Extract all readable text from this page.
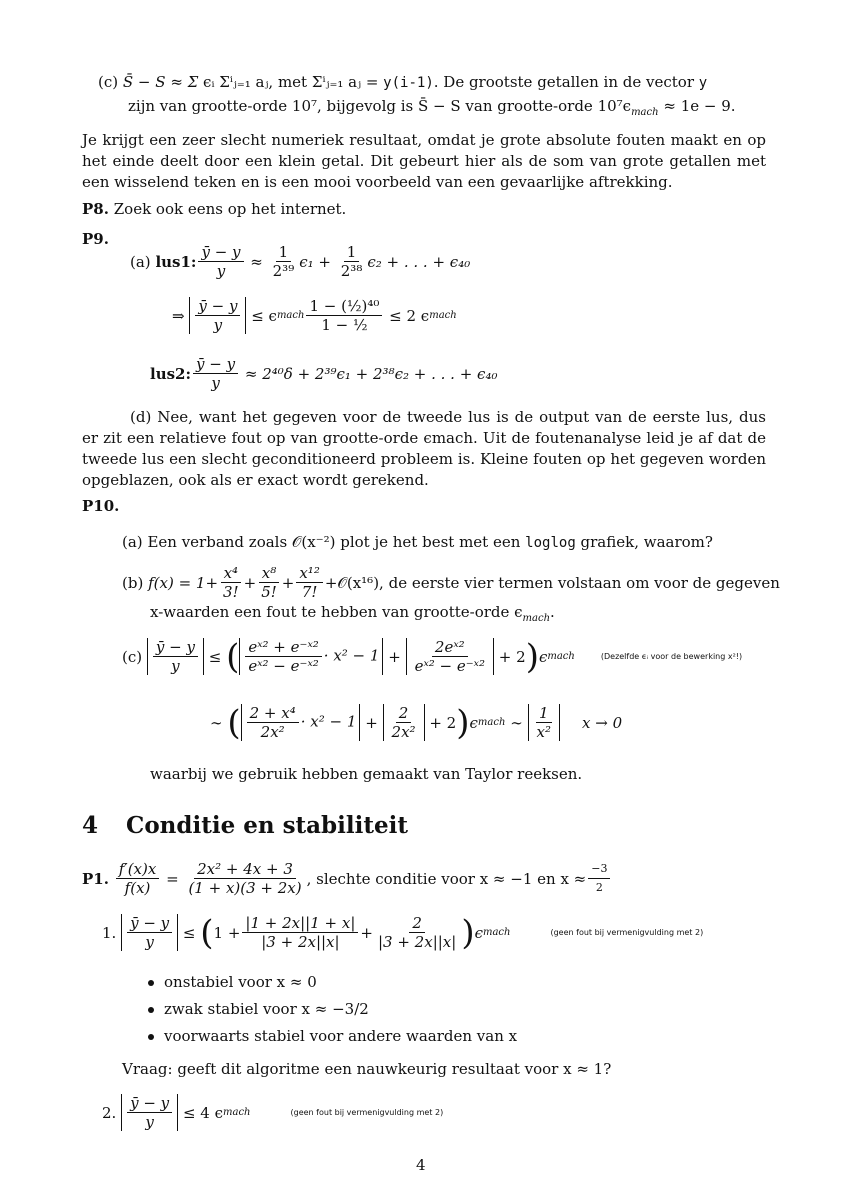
(c) S̄ − S ≈ Σ ϵᵢ Σⁱⱼ₌₁ aⱼ, met Σⁱⱼ₌₁ aⱼ = y(i-1). De grootste getallen in de vector y
zijn van grootte-orde 10⁷, bijgevolg is S̄ − S van grootte-orde $10^7\epsilon_{mach} \approx 1e - 9$.
Je krijgt een zeer slecht numeriek resultaat, omdat je grote absolute fouten maakt en op het einde deelt door een klein getal. Dit gebeurt hier als de som van grote getallen met een wisselend teken en is een mooi voorbeeld van een gevaarlijke aftrekking.
P8. Zoek ook eens op het internet.
P9.
(a)
lus1: $\frac{ȳ - y}{y} \approx \frac{1}{\text{2³⁹}} \epsilon_1$ +
$\frac{1}{\text{2³⁸}} \epsilon_2$ + . . . + ϵ₄₀
⇒
$\frac{ȳ - y}{y}$
≤ ϵ mach $\frac{\text{1 − (½)⁴⁰}}{\text{1 − ½}}$
≤ 2 ϵ mach
lus2: $\frac{ȳ - y}{y}$
≈ 2⁴⁰δ + 2³⁹ϵ₁ + 2³⁸ϵ₂ + . . . + ϵ₄₀
(d) Nee, want het gegeven voor de tweede lus is de output van de eerste lus, dus er zit een relatieve fout op van grootte-orde ϵmach. Uit de foutenanalyse leid je af dat de tweede lus een slecht geconditioneerd probleem is. Kleine fouten op het gegeven worden opgeblazen, ook als er exact wordt gerekend.
P10.
(a) Een verband zoals 𝒪(x⁻²) plot je het best met een loglog grafiek, waarom?
(b)
$f(x) = 1+ \frac{\text{x⁴}}{3!} + \frac{\text{x⁸}}{5!} + \frac{\text{x¹²}}{7!}$ +𝒪(x¹⁶), de eerste vier termen volstaan om voor de gegeven
x-waarden een fout te hebben van grootte-orde $\epsilon_{mach}$.
(c)
$\frac{ȳ - y}{y}$ ≤ ( $\frac{\text{eˣ² + e⁻ˣ²}}{\text{eˣ² − e⁻ˣ²}} \cdot x^2 - 1 + \frac{\text{2eˣ²}}{\text{eˣ² − e⁻ˣ²}}$
+ 2 ) ϵ mach	(Dezelfde ϵᵢ voor de bewerking x²!)
∼
( $\frac{\text{2 + x⁴}}{\text{2x²}} \cdot x^2 - 1 + \frac{2}{\text{2x²}}$
+ 2 ) ϵ mach
∼
$\frac{1}{\text{x²}}$ x → 0
waarbij we gebruik hebben gemaakt van Taylor reeksen.
4 Conditie en stabiliteit
P1.
$\frac{f'(x)x}{f(x)} = \frac{\text{2x² + 4x + 3}}{(1 + x)(3 + 2x)}$ , slechte conditie voor x ≈ −1 en $x \approx \frac{-3}{2}$
1.
$\frac{ȳ - y}{y}$ ≤ ( $1 + \frac{|1 + 2x||1 + x|}{|3 + 2x||x|} + \frac{2}{|3 + 2x||x|}$ ) ϵ mach	(geen fout bij vermenigvulding met 2)
onstabiel voor x ≈ 0
zwak stabiel voor x ≈ −3/2
voorwaarts stabiel voor andere waarden van x
Vraag: geeft dit algoritme een nauwkeurig resultaat voor x ≈ 1?
2.
$\frac{ȳ - y}{y}$
≤ 4 ϵ mach	(geen fout bij vermenigvulding met 2)
4
